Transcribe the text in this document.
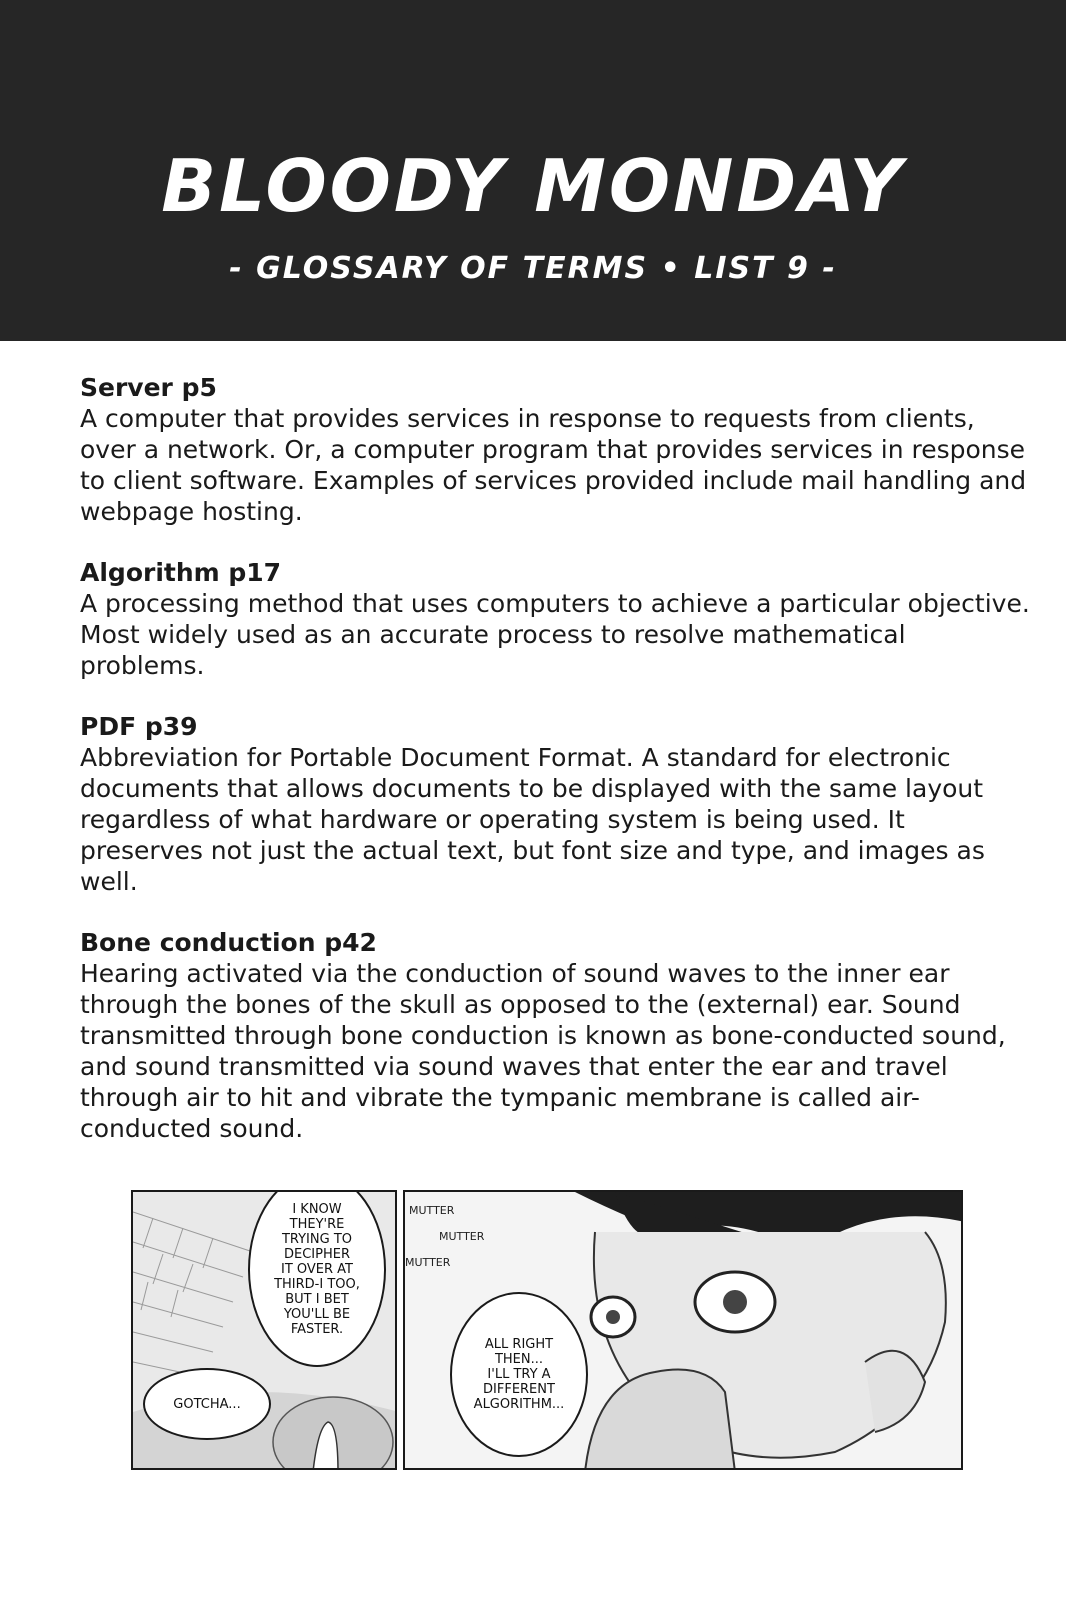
BLOODY MONDAY
- GLOSSARY OF TERMS • LIST 9 -
Server p5
A computer that provides services in response to requests from clients, over a network. Or, a computer program that provides services in response to client software. Examples of services provided include mail handling and webpage hosting.
Algorithm p17
A processing method that uses computers to achieve a particular objective. Most widely used as an accurate process to resolve mathematical problems.
PDF p39
Abbreviation for Portable Document Format. A standard for electronic documents that allows documents to be displayed with the same layout regardless of what hardware or operating system is being used. It preserves not just the actual text, but font size and type, and images as well.
Bone conduction p42
Hearing activated via the conduction of sound waves to the inner ear through the bones of the skull as opposed to the (external) ear. Sound transmitted through bone conduction is known as bone-conducted sound, and sound transmitted via sound waves that enter the ear and travel through air to hit and vibrate the tympanic membrane is called air-conducted sound.
I KNOW
THEY'RE
TRYING TO
DECIPHER
IT OVER AT
THIRD-I TOO,
BUT I BET
YOU'LL BE
FASTER.
GOTCHA...
MUTTER
MUTTER
MUTTER
ALL RIGHT
THEN...
I'LL TRY A
DIFFERENT
ALGORITHM...
